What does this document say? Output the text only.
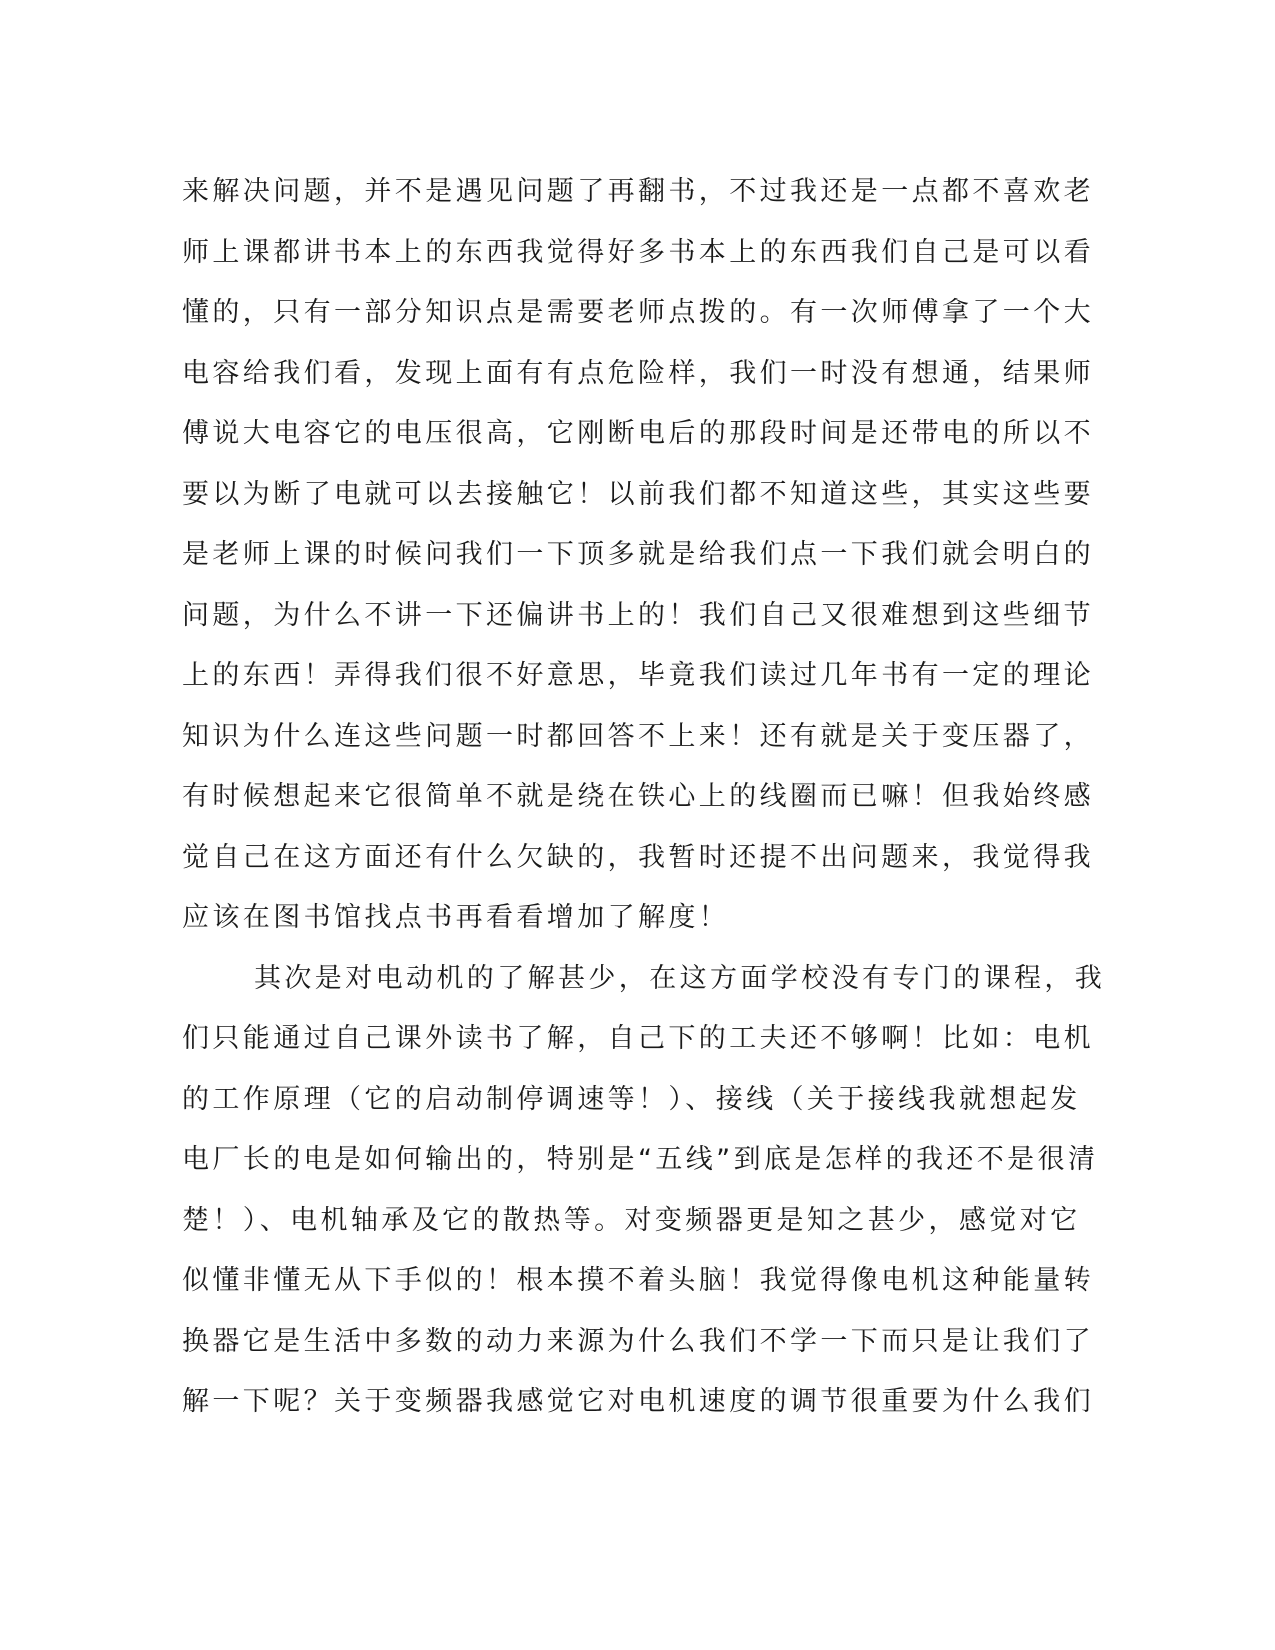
来解决问题，并不是遇见问题了再翻书，不过我还是一点都不喜欢老
师上课都讲书本上的东西我觉得好多书本上的东西我们自己是可以看
懂的，只有一部分知识点是需要老师点拨的。有一次师傅拿了一个大
电容给我们看，发现上面有有点危险样，我们一时没有想通，结果师
傅说大电容它的电压很高，它刚断电后的那段时间是还带电的所以不
要以为断了电就可以去接触它！以前我们都不知道这些，其实这些要
是老师上课的时候问我们一下顶多就是给我们点一下我们就会明白的
问题，为什么不讲一下还偏讲书上的！我们自己又很难想到这些细节
上的东西！弄得我们很不好意思，毕竟我们读过几年书有一定的理论
知识为什么连这些问题一时都回答不上来！还有就是关于变压器了，
有时候想起来它很简单不就是绕在铁心上的线圈而已嘛！但我始终感
觉自己在这方面还有什么欠缺的，我暂时还提不出问题来，我觉得我
应该在图书馆找点书再看看增加了解度！
其次是对电动机的了解甚少，在这方面学校没有专门的课程，我
们只能通过自己课外读书了解，自己下的工夫还不够啊！比如：电机
的工作原理（它的启动制停调速等！）、接线（关于接线我就想起发
电厂长的电是如何输出的，特别是“五线”到底是怎样的我还不是很清
楚！）、电机轴承及它的散热等。对变频器更是知之甚少，感觉对它
似懂非懂无从下手似的！根本摸不着头脑！我觉得像电机这种能量转
换器它是生活中多数的动力来源为什么我们不学一下而只是让我们了
解一下呢？关于变频器我感觉它对电机速度的调节很重要为什么我们
